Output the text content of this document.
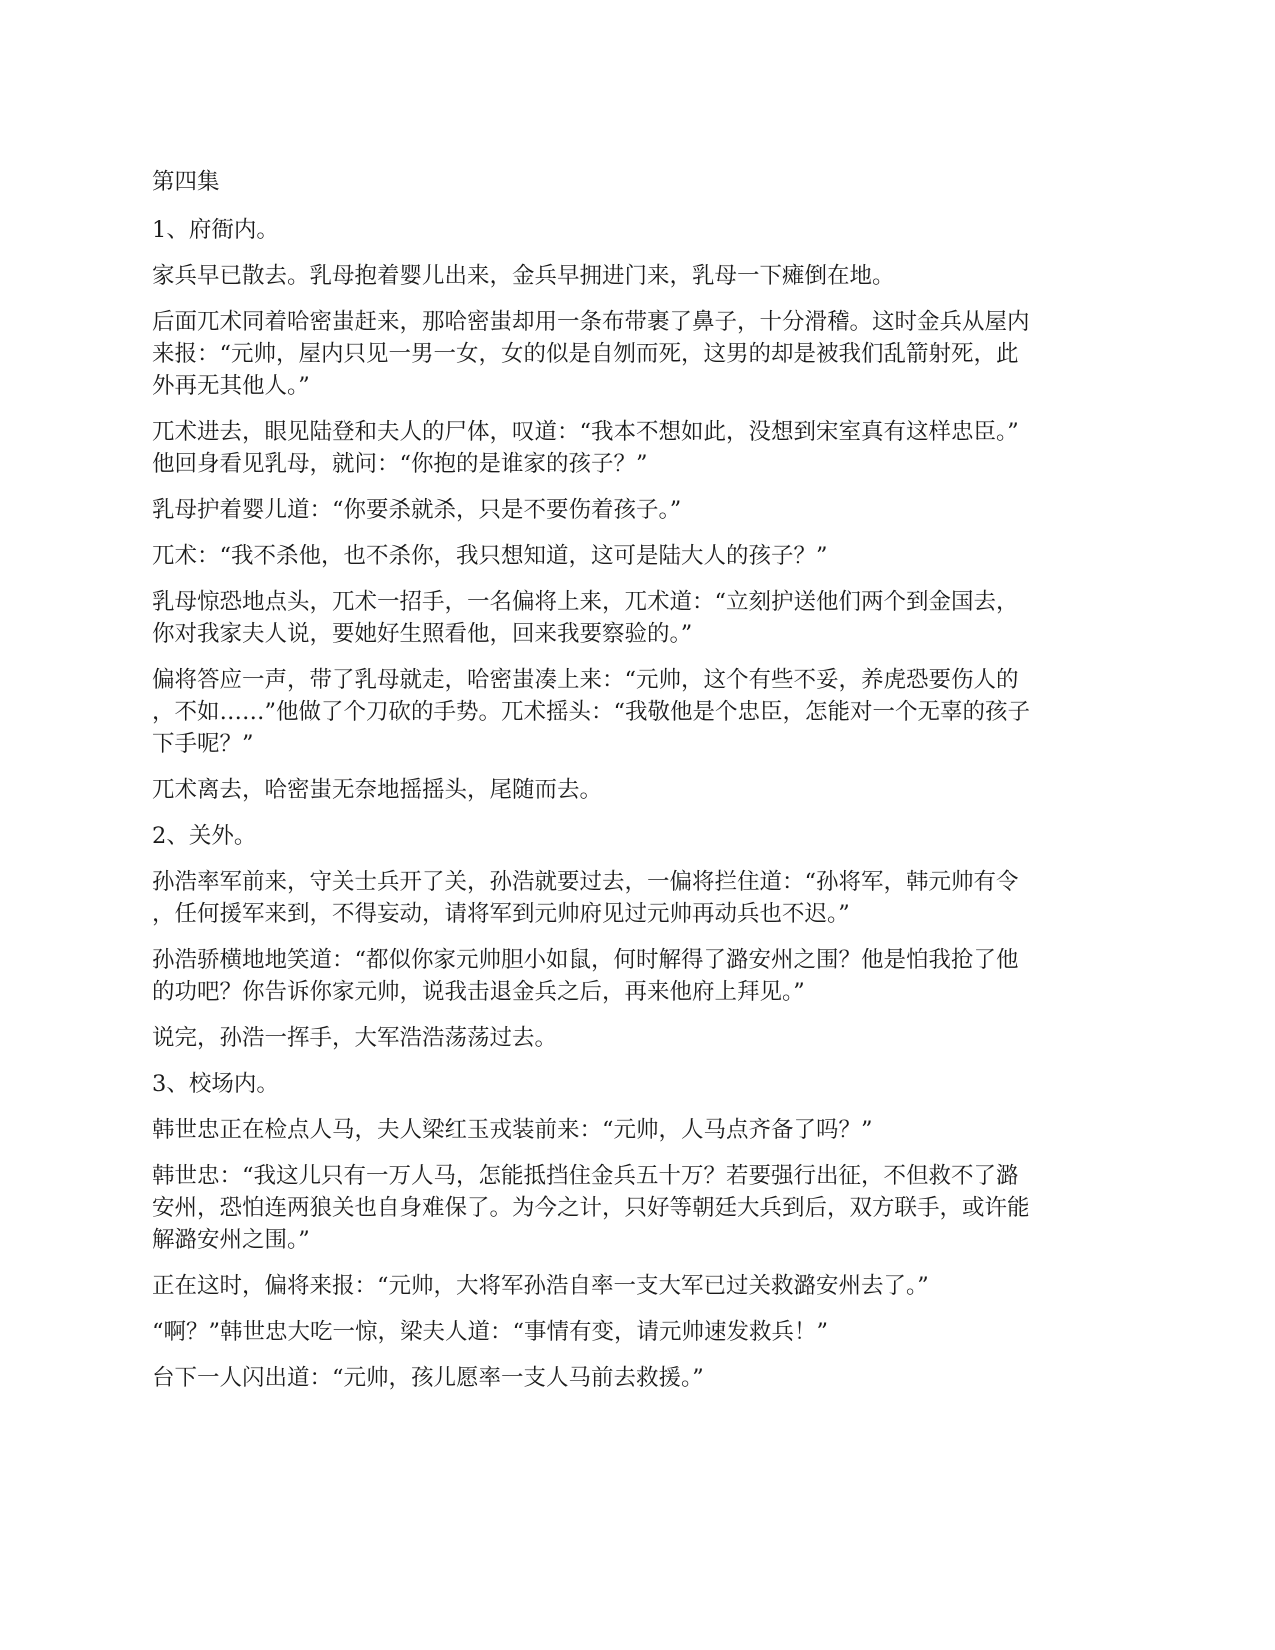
第四集

1、府衙内。

家兵早已散去。乳母抱着婴儿出来，金兵早拥进门来，乳母一下瘫倒在地。

后面兀术同着哈密蚩赶来，那哈密蚩却用一条布带裹了鼻子，十分滑稽。这时金兵从屋内
来报：“元帅，屋内只见一男一女，女的似是自刎而死，这男的却是被我们乱箭射死，此
外再无其他人。”

兀术进去，眼见陆登和夫人的尸体，叹道：“我本不想如此，没想到宋室真有这样忠臣。”
他回身看见乳母，就问：“你抱的是谁家的孩子？”

乳母护着婴儿道：“你要杀就杀，只是不要伤着孩子。”

兀术：“我不杀他，也不杀你，我只想知道，这可是陆大人的孩子？”

乳母惊恐地点头，兀术一招手，一名偏将上来，兀术道：“立刻护送他们两个到金国去，
你对我家夫人说，要她好生照看他，回来我要察验的。”

偏将答应一声，带了乳母就走，哈密蚩凑上来：“元帅，这个有些不妥，养虎恐要伤人的
，不如……”他做了个刀砍的手势。兀术摇头：“我敬他是个忠臣，怎能对一个无辜的孩子
下手呢？”

兀术离去，哈密蚩无奈地摇摇头，尾随而去。

2、关外。

孙浩率军前来，守关士兵开了关，孙浩就要过去，一偏将拦住道：“孙将军，韩元帅有令
，任何援军来到，不得妄动，请将军到元帅府见过元帅再动兵也不迟。”

孙浩骄横地地笑道：“都似你家元帅胆小如鼠，何时解得了潞安州之围？他是怕我抢了他
的功吧？你告诉你家元帅，说我击退金兵之后，再来他府上拜见。”

说完，孙浩一挥手，大军浩浩荡荡过去。

3、校场内。

韩世忠正在检点人马，夫人梁红玉戎装前来：“元帅，人马点齐备了吗？”

韩世忠：“我这儿只有一万人马，怎能抵挡住金兵五十万？若要强行出征，不但救不了潞
安州，恐怕连两狼关也自身难保了。为今之计，只好等朝廷大兵到后，双方联手，或许能
解潞安州之围。”

正在这时，偏将来报：“元帅，大将军孙浩自率一支大军已过关救潞安州去了。”

“啊？”韩世忠大吃一惊，梁夫人道：“事情有变，请元帅速发救兵！”

台下一人闪出道：“元帅，孩儿愿率一支人马前去救援。”
